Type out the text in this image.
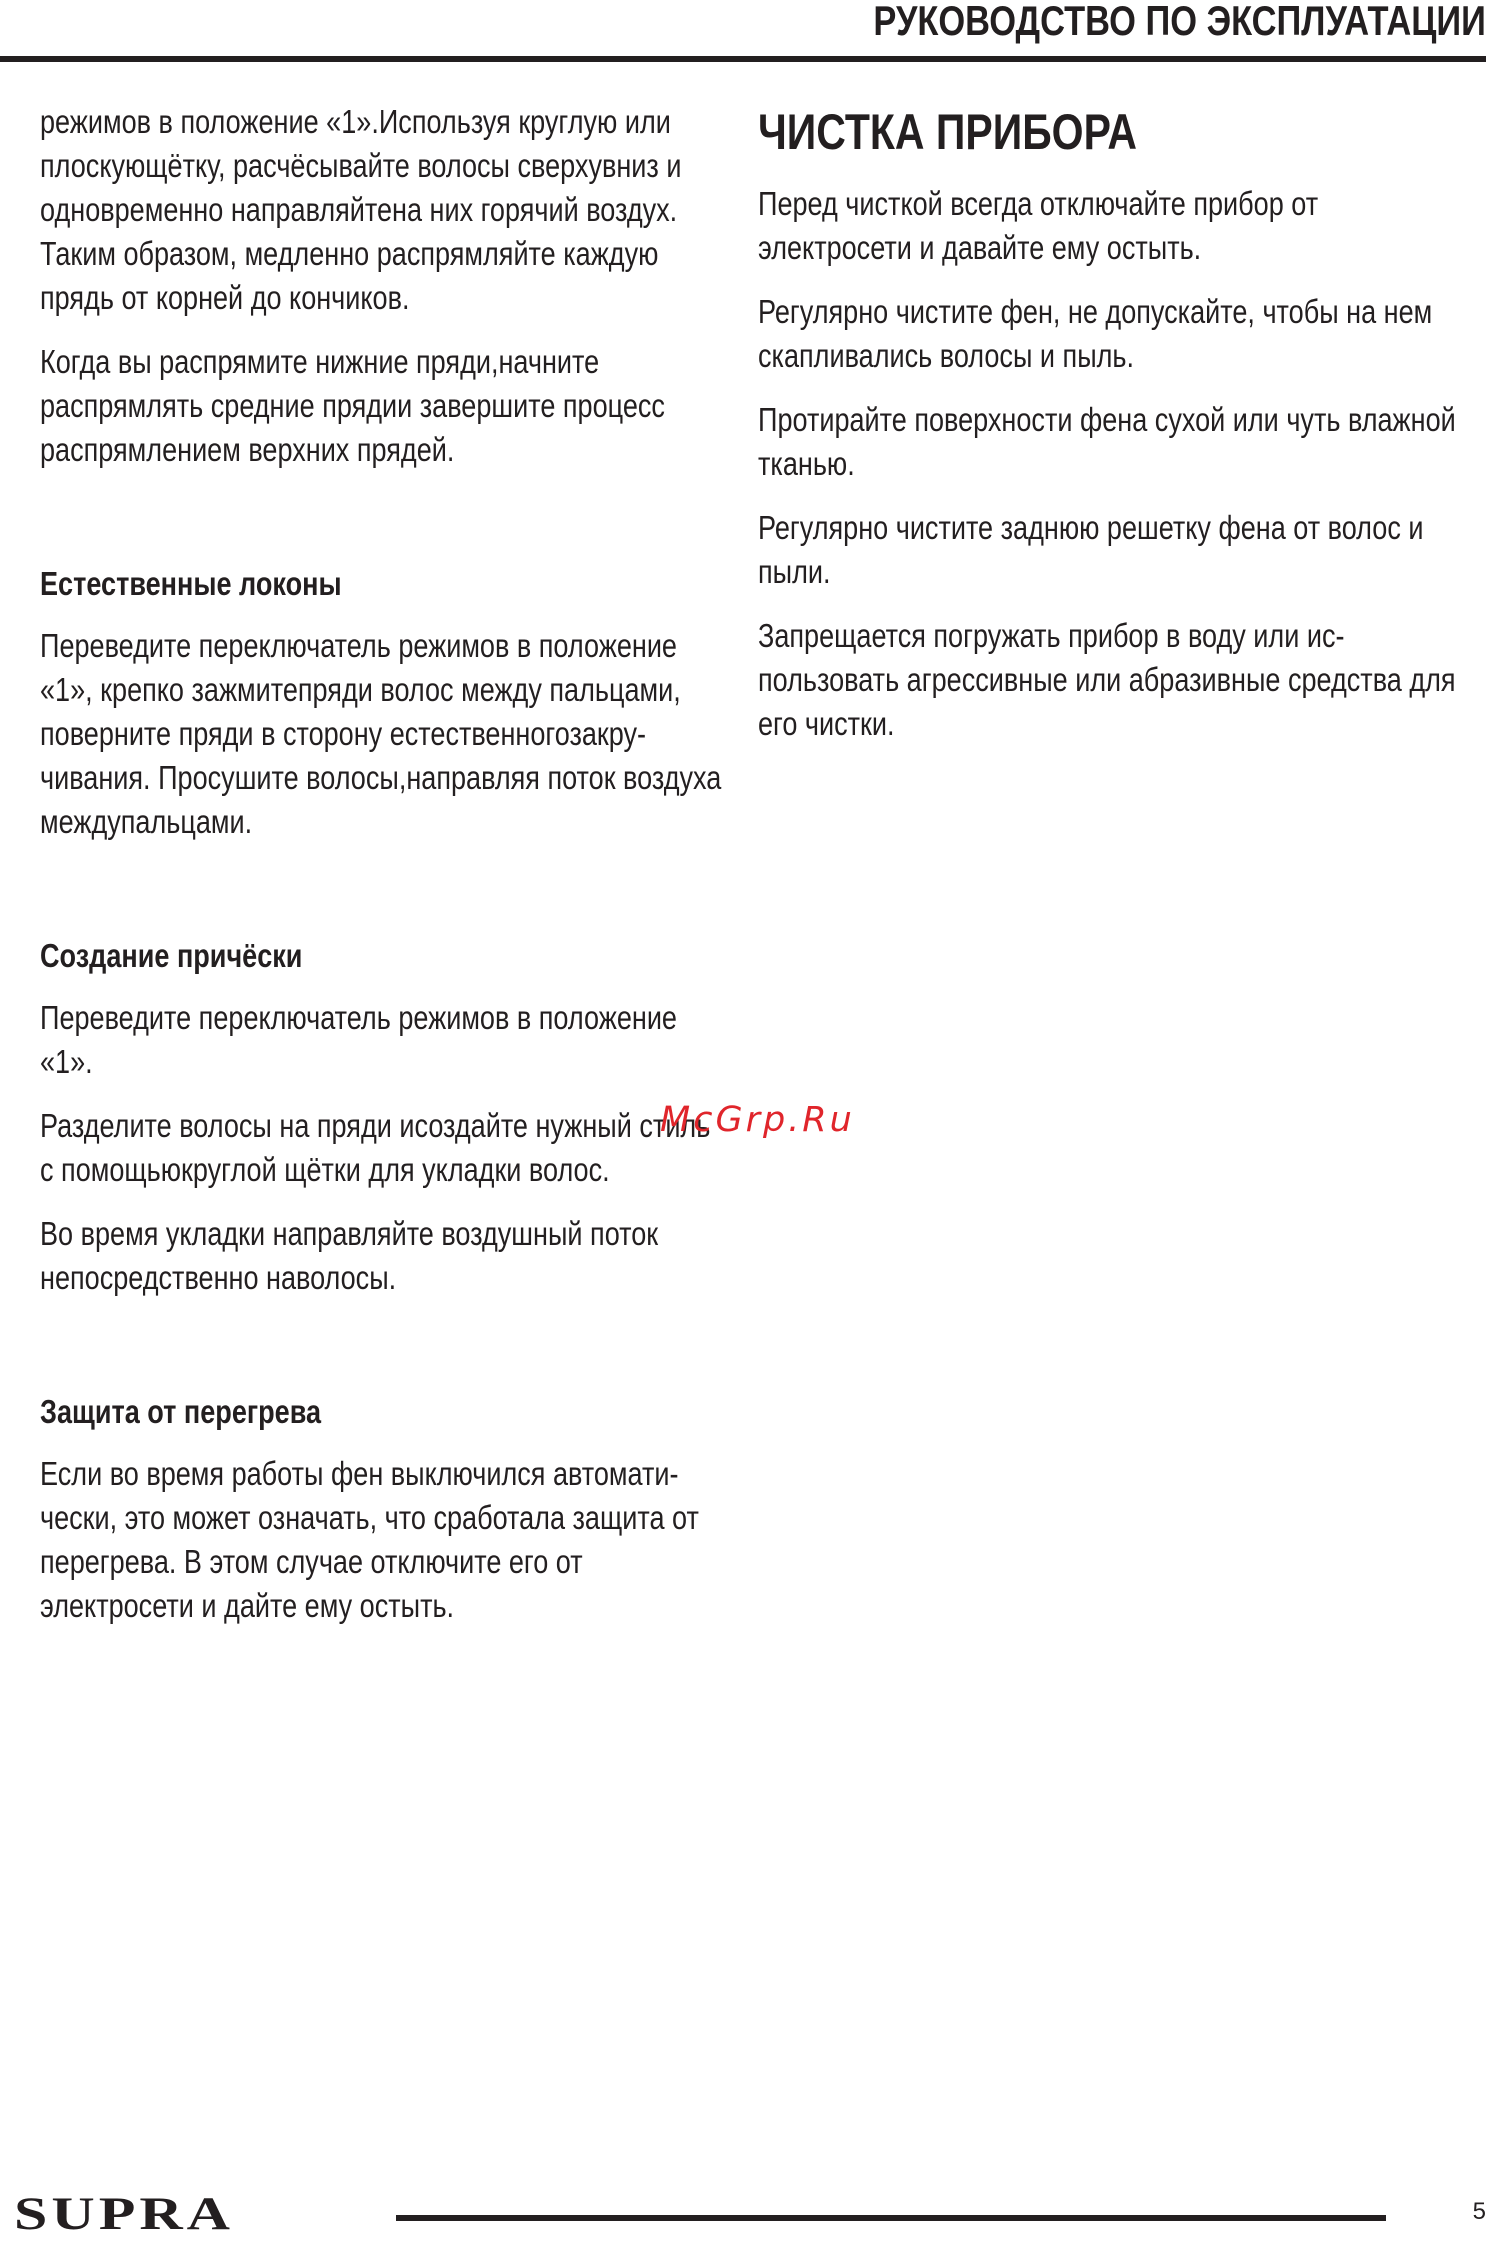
РУКОВОДСТВО ПО ЭКСПЛУАТАЦИИ

режимов в положение «1».Используя круглую или плоскующётку, расчёсывайте волосы сверхувниз и одновременно направляйтена них горячий воздух. Таким образом, медленно распрямляйте каждую прядь от корней до кончиков.

Когда вы распрямите нижние пряди,начните распрямлять средние прядии завершите процесс распрямлением верхних прядей.

Естественные локоны

Переведите переключатель режимов в положение «1», крепко зажмитепряди волос между пальцами, поверните пряди в сторону естественногозакру-чивания. Просушите волосы,направляя поток воздуха междупальцами.

Создание причёски

Переведите переключатель режимов в положение «1».

Разделите волосы на пряди исоздайте нужный стиль с помощьюкруглой щётки для укладки волос.

Во время укладки направляйте воздушный поток непосредственно наволосы.

Защита от перегрева

Если во время работы фен выключился автомати-чески, это может означать, что сработала защита от перегрева. В этом случае отключите его от электросети и дайте ему остыть.

ЧИСТКА ПРИБОРА

Перед чисткой всегда отключайте прибор от электросети и давайте ему остыть.

Регулярно чистите фен, не допускайте, чтобы на нем скапливались волосы и пыль.

Протирайте поверхности фена сухой или чуть влажной тканью.

Регулярно чистите заднюю решетку фена от волос и пыли.

Запрещается погружать прибор в воду или ис-пользовать агрессивные или абразивные средства для его чистки.

McGrp.Ru
SUPRA	5
